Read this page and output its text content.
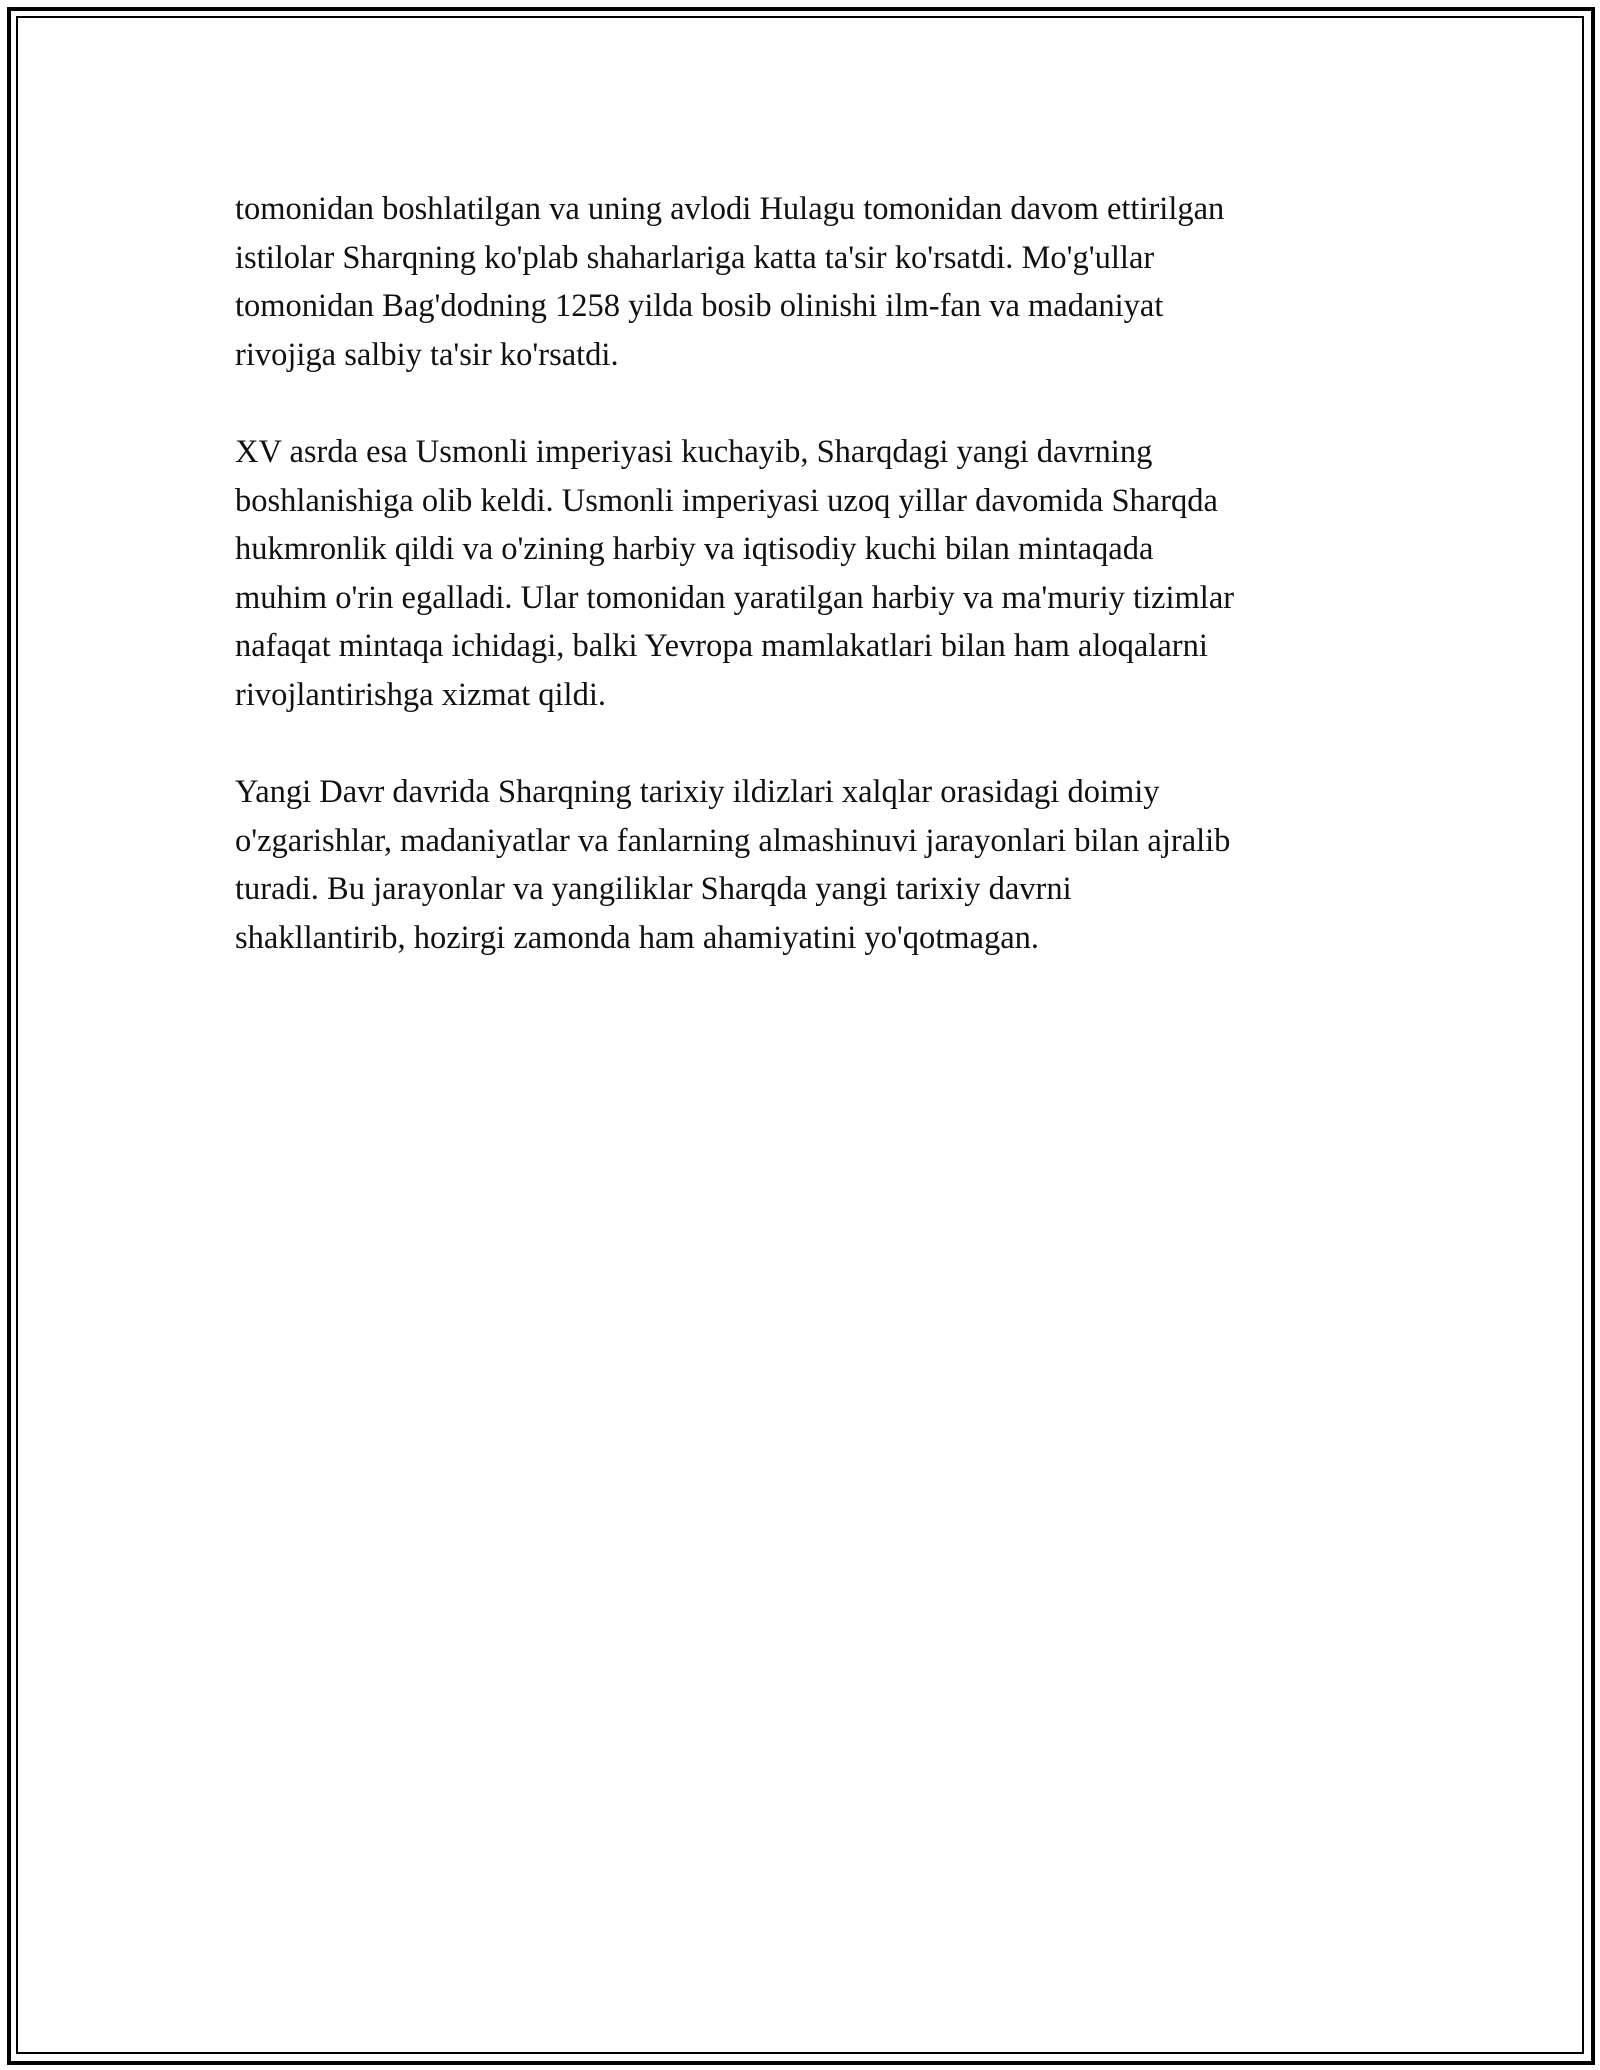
tomonidan boshlatilgan va uning avlodi Hulagu tomonidan davom ettirilgan
istilolar Sharqning ko'plab shaharlariga katta ta'sir ko'rsatdi. Mo'g'ullar
tomonidan Bag'dodning 1258 yilda bosib olinishi ilm-fan va madaniyat
rivojiga salbiy ta'sir ko'rsatdi.

XV asrda esa Usmonli imperiyasi kuchayib, Sharqdagi yangi davrning
boshlanishiga olib keldi. Usmonli imperiyasi uzoq yillar davomida Sharqda
hukmronlik qildi va o'zining harbiy va iqtisodiy kuchi bilan mintaqada
muhim o'rin egalladi. Ular tomonidan yaratilgan harbiy va ma'muriy tizimlar
nafaqat mintaqa ichidagi, balki Yevropa mamlakatlari bilan ham aloqalarni
rivojlantirishga xizmat qildi.

Yangi Davr davrida Sharqning tarixiy ildizlari xalqlar orasidagi doimiy
o'zgarishlar, madaniyatlar va fanlarning almashinuvi jarayonlari bilan ajralib
turadi. Bu jarayonlar va yangiliklar Sharqda yangi tarixiy davrni
shakllantirib, hozirgi zamonda ham ahamiyatini yo'qotmagan.
